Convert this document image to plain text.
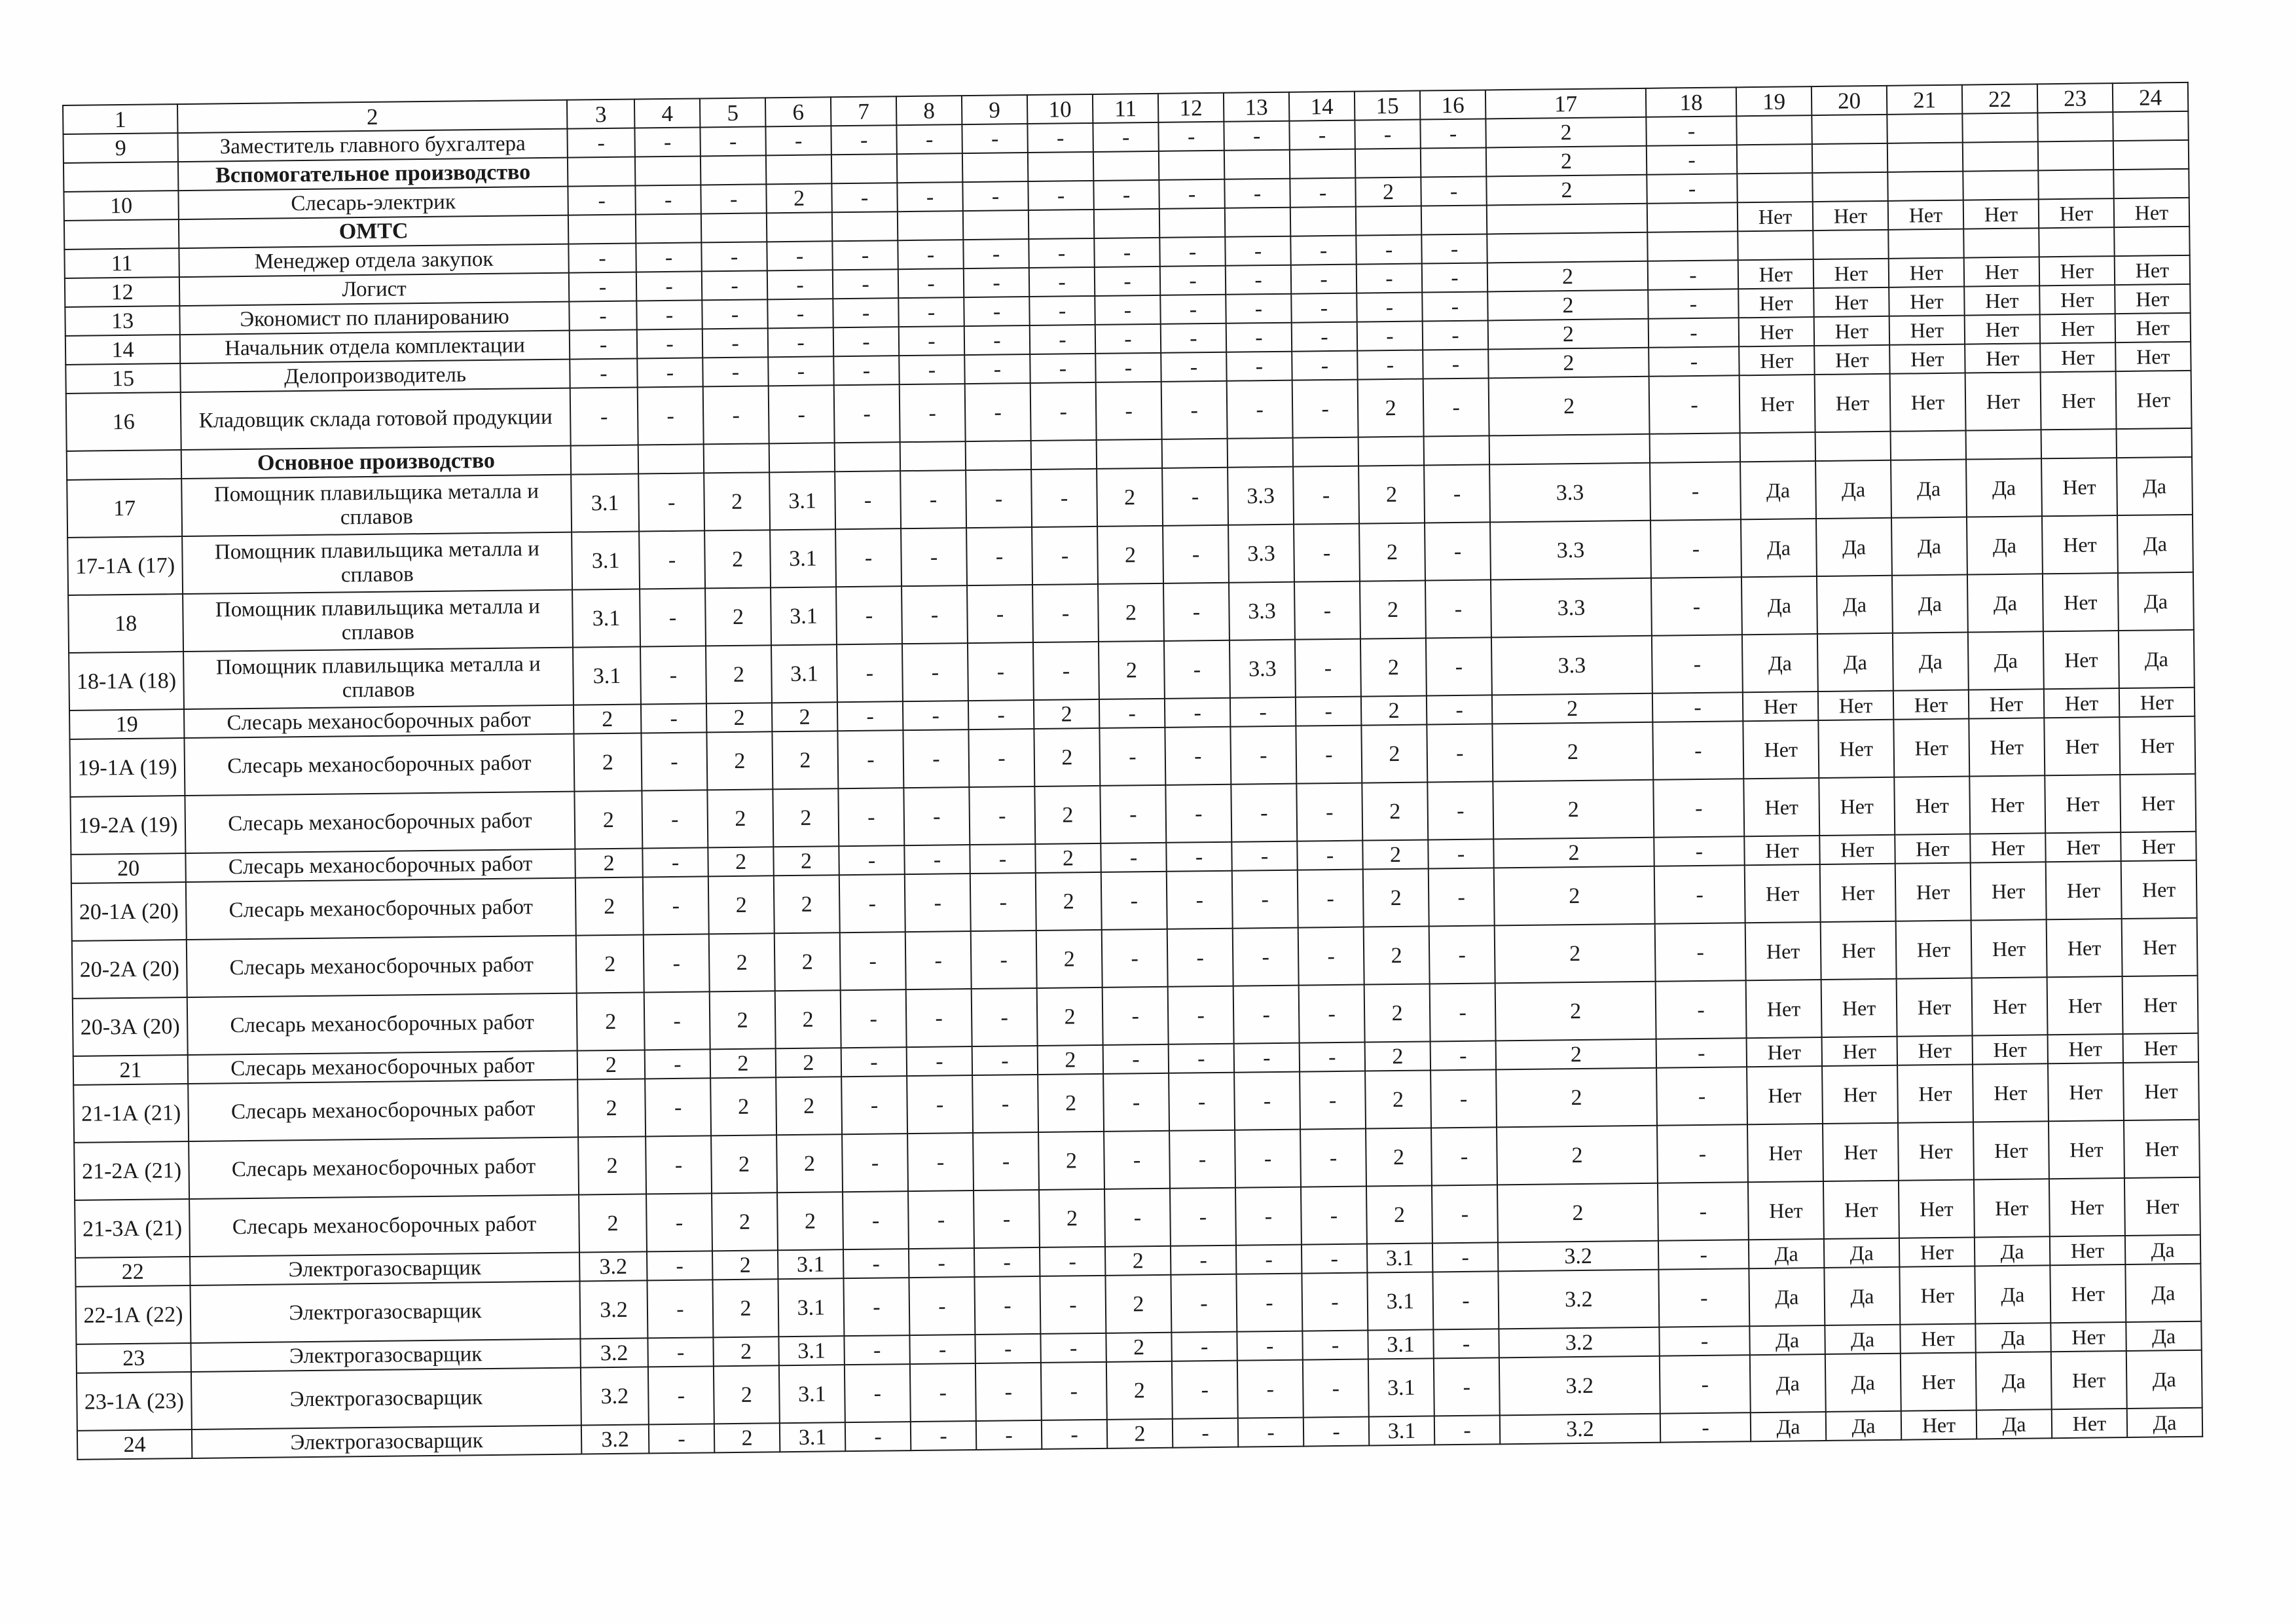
1	2	3	4	5	6	7	8	9	10	11	12	13	14	15	16	17	18	19	20	21	22	23	24
9	Заместитель главного бухгалтера	-	-	-	-	-	-	-	-	-	-	-	-	-	-	2	-						
	Вспомогательное производство															2	-						
10	Слесарь-электрик	-	-	-	2	-	-	-	-	-	-	-	-	2	-	2	-						
	ОМТС																	Нет	Нет	Нет	Нет	Нет	Нет
11	Менеджер отдела закупок	-	-	-	-	-	-	-	-	-	-	-	-	-	-								
12	Логист	-	-	-	-	-	-	-	-	-	-	-	-	-	-	2	-	Нет	Нет	Нет	Нет	Нет	Нет
13	Экономист по планированию	-	-	-	-	-	-	-	-	-	-	-	-	-	-	2	-	Нет	Нет	Нет	Нет	Нет	Нет
14	Начальник отдела комплектации	-	-	-	-	-	-	-	-	-	-	-	-	-	-	2	-	Нет	Нет	Нет	Нет	Нет	Нет
15	Делопроизводитель	-	-	-	-	-	-	-	-	-	-	-	-	-	-	2	-	Нет	Нет	Нет	Нет	Нет	Нет
16	Кладовщик склада готовой продукции	-	-	-	-	-	-	-	-	-	-	-	-	2	-	2	-	Нет	Нет	Нет	Нет	Нет	Нет
	Основное производство																						
17	Помощник плавильщика металла и сплавов	3.1	-	2	3.1	-	-	-	-	2	-	3.3	-	2	-	3.3	-	Да	Да	Да	Да	Нет	Да
17-1А (17)	Помощник плавильщика металла и сплавов	3.1	-	2	3.1	-	-	-	-	2	-	3.3	-	2	-	3.3	-	Да	Да	Да	Да	Нет	Да
18	Помощник плавильщика металла и сплавов	3.1	-	2	3.1	-	-	-	-	2	-	3.3	-	2	-	3.3	-	Да	Да	Да	Да	Нет	Да
18-1А (18)	Помощник плавильщика металла и сплавов	3.1	-	2	3.1	-	-	-	-	2	-	3.3	-	2	-	3.3	-	Да	Да	Да	Да	Нет	Да
19	Слесарь механосборочных работ	2	-	2	2	-	-	-	2	-	-	-	-	2	-	2	-	Нет	Нет	Нет	Нет	Нет	Нет
19-1А (19)	Слесарь механосборочных работ	2	-	2	2	-	-	-	2	-	-	-	-	2	-	2	-	Нет	Нет	Нет	Нет	Нет	Нет
19-2А (19)	Слесарь механосборочных работ	2	-	2	2	-	-	-	2	-	-	-	-	2	-	2	-	Нет	Нет	Нет	Нет	Нет	Нет
20	Слесарь механосборочных работ	2	-	2	2	-	-	-	2	-	-	-	-	2	-	2	-	Нет	Нет	Нет	Нет	Нет	Нет
20-1А (20)	Слесарь механосборочных работ	2	-	2	2	-	-	-	2	-	-	-	-	2	-	2	-	Нет	Нет	Нет	Нет	Нет	Нет
20-2А (20)	Слесарь механосборочных работ	2	-	2	2	-	-	-	2	-	-	-	-	2	-	2	-	Нет	Нет	Нет	Нет	Нет	Нет
20-3А (20)	Слесарь механосборочных работ	2	-	2	2	-	-	-	2	-	-	-	-	2	-	2	-	Нет	Нет	Нет	Нет	Нет	Нет
21	Слесарь механосборочных работ	2	-	2	2	-	-	-	2	-	-	-	-	2	-	2	-	Нет	Нет	Нет	Нет	Нет	Нет
21-1А (21)	Слесарь механосборочных работ	2	-	2	2	-	-	-	2	-	-	-	-	2	-	2	-	Нет	Нет	Нет	Нет	Нет	Нет
21-2А (21)	Слесарь механосборочных работ	2	-	2	2	-	-	-	2	-	-	-	-	2	-	2	-	Нет	Нет	Нет	Нет	Нет	Нет
21-3А (21)	Слесарь механосборочных работ	2	-	2	2	-	-	-	2	-	-	-	-	2	-	2	-	Нет	Нет	Нет	Нет	Нет	Нет
22	Электрогазосварщик	3.2	-	2	3.1	-	-	-	-	2	-	-	-	3.1	-	3.2	-	Да	Да	Нет	Да	Нет	Да
22-1А (22)	Электрогазосварщик	3.2	-	2	3.1	-	-	-	-	2	-	-	-	3.1	-	3.2	-	Да	Да	Нет	Да	Нет	Да
23	Электрогазосварщик	3.2	-	2	3.1	-	-	-	-	2	-	-	-	3.1	-	3.2	-	Да	Да	Нет	Да	Нет	Да
23-1А (23)	Электрогазосварщик	3.2	-	2	3.1	-	-	-	-	2	-	-	-	3.1	-	3.2	-	Да	Да	Нет	Да	Нет	Да
24	Электрогазосварщик	3.2	-	2	3.1	-	-	-	-	2	-	-	-	3.1	-	3.2	-	Да	Да	Нет	Да	Нет	Да
